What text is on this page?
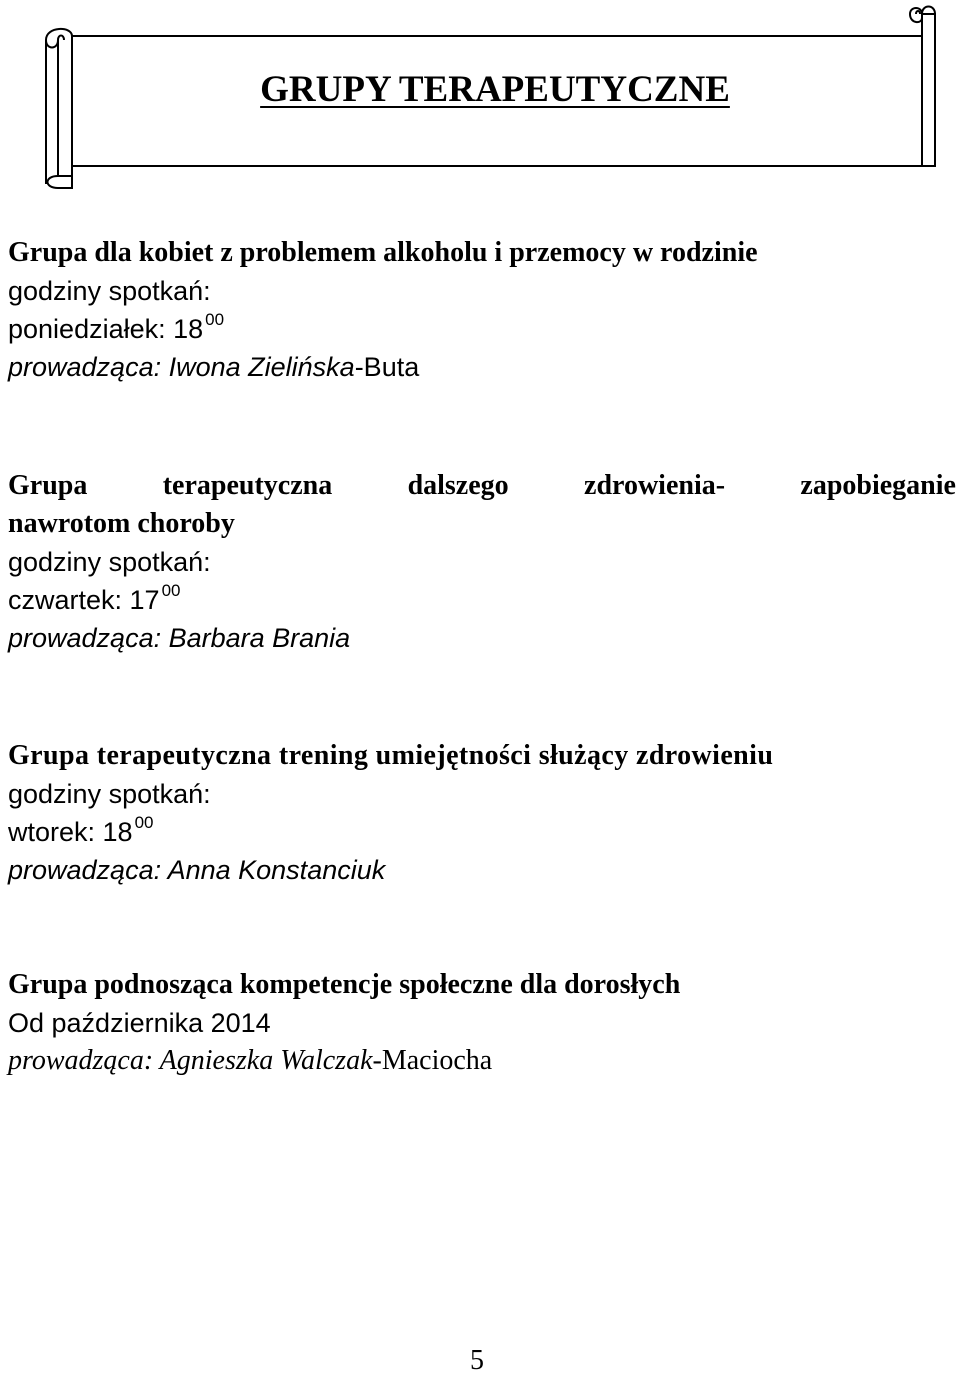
GRUPY TERAPEUTYCZNE
Grupa dla kobiet z problemem alkoholu i przemocy w rodzinie
godziny spotkań:
poniedziałek: 18 $^{00}$
prowadząca: Iwona Zielińska-Buta
Grupa	terapeutyczna	dalszego	zdrowienia-	zapobieganie
nawrotom choroby
godziny spotkań:
czwartek: 17 $^{00}$
prowadząca: Barbara Brania
Grupa terapeutyczna trening umiejętności służący zdrowieniu
godziny spotkań:
wtorek: 18 $^{00}$
prowadząca: Anna Konstanciuk
Grupa podnosząca kompetencje społeczne dla dorosłych
Od października 2014
prowadząca: Agnieszka Walczak-Maciocha
5
